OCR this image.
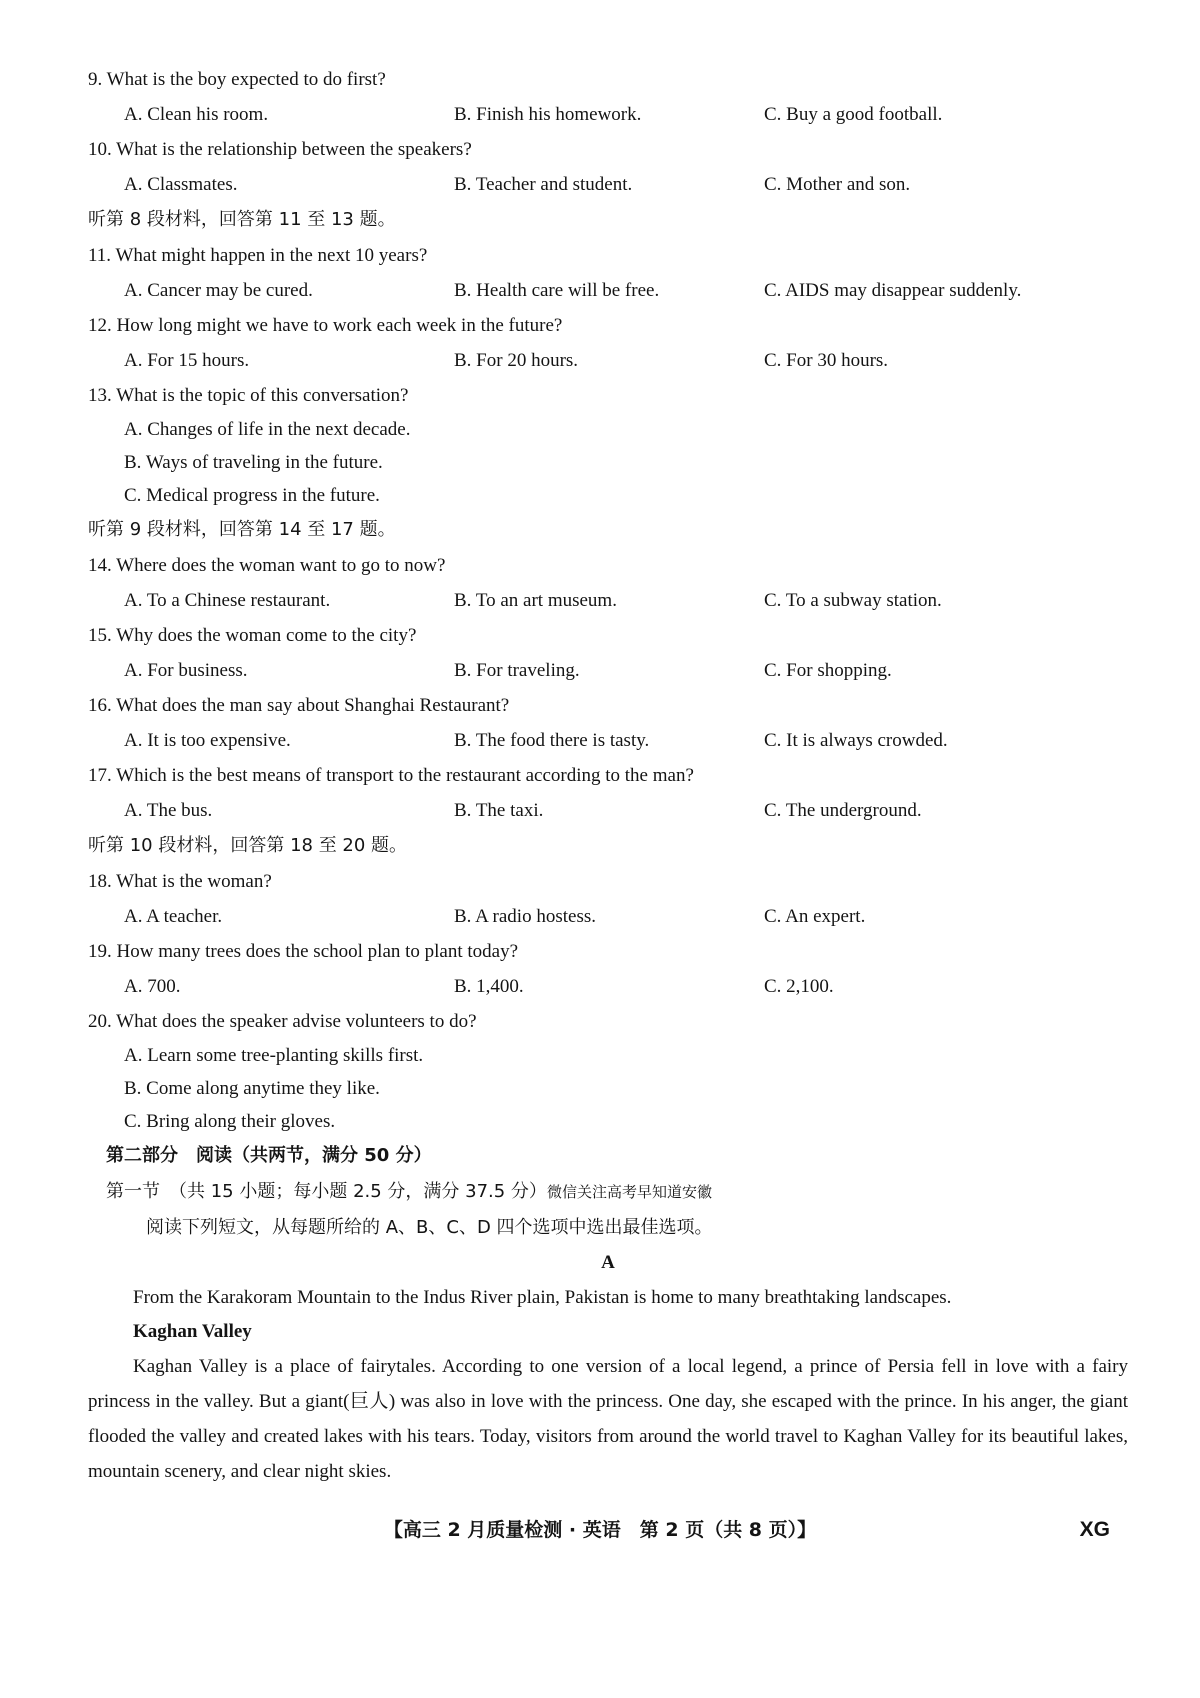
9. What is the boy expected to do first?
A. Clean his room.	B. Finish his homework.	C. Buy a good football.
10. What is the relationship between the speakers?
A. Classmates.	B. Teacher and student.	C. Mother and son.
听第 8 段材料，回答第 11 至 13 题。
11. What might happen in the next 10 years?
A. Cancer may be cured.	B. Health care will be free.	C. AIDS may disappear suddenly.
12. How long might we have to work each week in the future?
A. For 15 hours.	B. For 20 hours.	C. For 30 hours.
13. What is the topic of this conversation?
A. Changes of life in the next decade.
B. Ways of traveling in the future.
C. Medical progress in the future.
听第 9 段材料，回答第 14 至 17 题。
14. Where does the woman want to go to now?
A. To a Chinese restaurant.	B. To an art museum.	C. To a subway station.
15. Why does the woman come to the city?
A. For business.	B. For traveling.	C. For shopping.
16. What does the man say about Shanghai Restaurant?
A. It is too expensive.	B. The food there is tasty.	C. It is always crowded.
17. Which is the best means of transport to the restaurant according to the man?
A. The bus.	B. The taxi.	C. The underground.
听第 10 段材料，回答第 18 至 20 题。
18. What is the woman?
A. A teacher.	B. A radio hostess.	C. An expert.
19. How many trees does the school plan to plant today?
A. 700.	B. 1,400.	C. 2,100.
20. What does the speaker advise volunteers to do?
A. Learn some tree-planting skills first.
B. Come along anytime they like.
C. Bring along their gloves.
第二部分　阅读（共两节，满分 50 分）
第一节　（共 15 小题；每小题 2.5 分，满分 37.5 分）微信关注高考早知道安徽
阅读下列短文，从每题所给的 A、B、C、D 四个选项中选出最佳选项。
A
From the Karakoram Mountain to the Indus River plain, Pakistan is home to many breathtaking landscapes.
Kaghan Valley
Kaghan Valley is a place of fairytales. According to one version of a local legend, a prince of Persia fell in love with a fairy princess in the valley. But a giant(巨人) was also in love with the princess. One day, she escaped with the prince. In his anger, the giant flooded the valley and created lakes with his tears. Today, visitors from around the world travel to Kaghan Valley for its beautiful lakes, mountain scenery, and clear night skies.
【高三 2 月质量检测 · 英语　第 2 页（共 8 页）】	XG
